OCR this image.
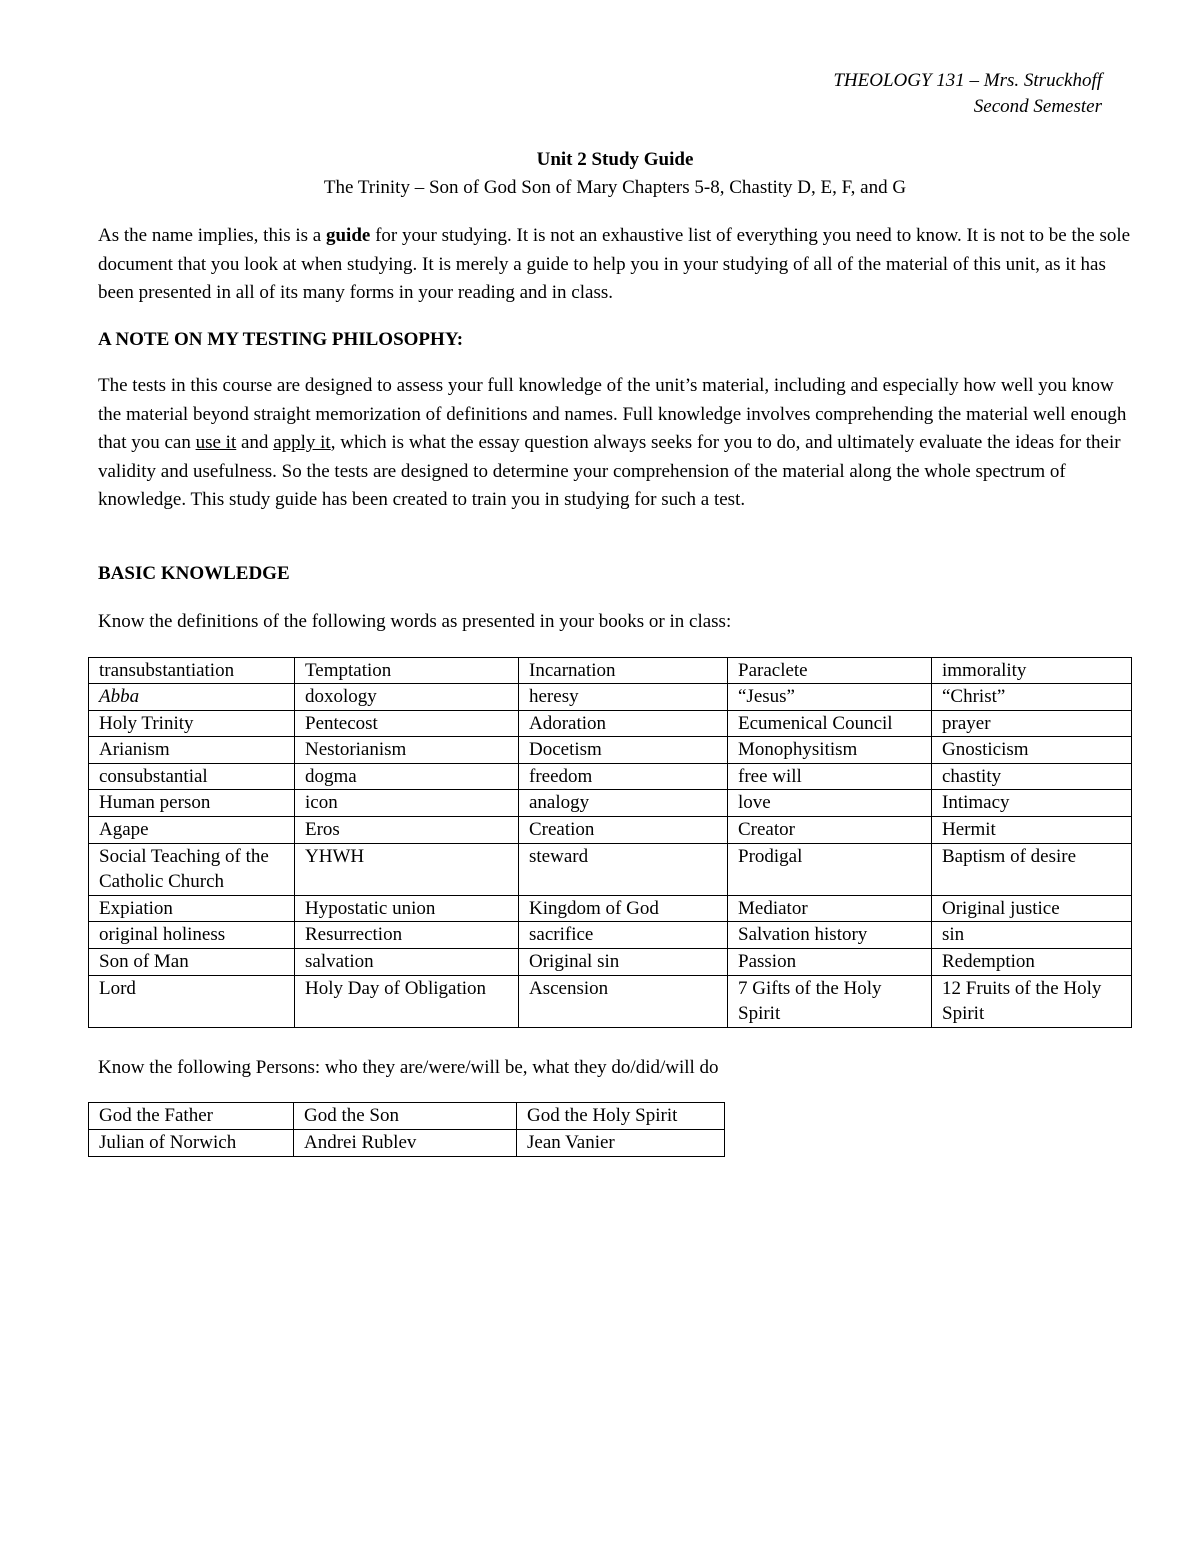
THEOLOGY 131 – Mrs. Struckhoff
Second Semester
Unit 2 Study Guide
The Trinity – Son of God Son of Mary Chapters 5-8, Chastity D, E, F, and G

As the name implies, this is a guide for your studying. It is not an exhaustive list of everything you need to know. It is not to be the sole document that you look at when studying. It is merely a guide to help you in your studying of all of the material of this unit, as it has been presented in all of its many forms in your reading and in class.

A NOTE ON MY TESTING PHILOSOPHY:

The tests in this course are designed to assess your full knowledge of the unit’s material, including and especially how well you know the material beyond straight memorization of definitions and names. Full knowledge involves comprehending the material well enough that you can use it and apply it, which is what the essay question always seeks for you to do, and ultimately evaluate the ideas for their validity and usefulness. So the tests are designed to determine your comprehension of the material along the whole spectrum of knowledge. This study guide has been created to train you in studying for such a test.

BASIC KNOWLEDGE

Know the definitions of the following words as presented in your books or in class:

transubstantiation	Temptation	Incarnation	Paraclete	immorality
Abba	doxology	heresy	“Jesus”	“Christ”
Holy Trinity	Pentecost	Adoration	Ecumenical Council	prayer
Arianism	Nestorianism	Docetism	Monophysitism	Gnosticism
consubstantial	dogma	freedom	free will	chastity
Human person	icon	analogy	love	Intimacy
Agape	Eros	Creation	Creator	Hermit
Social Teaching of the Catholic Church	YHWH	steward	Prodigal	Baptism of desire
Expiation	Hypostatic union	Kingdom of God	Mediator	Original justice
original holiness	Resurrection	sacrifice	Salvation history	sin
Son of Man	salvation	Original sin	Passion	Redemption
Lord	Holy Day of Obligation	Ascension	7 Gifts of the Holy Spirit	12 Fruits of the Holy Spirit

Know the following Persons: who they are/were/will be, what they do/did/will do

God the Father	God the Son	God the Holy Spirit
Julian of Norwich	Andrei Rublev	Jean Vanier
